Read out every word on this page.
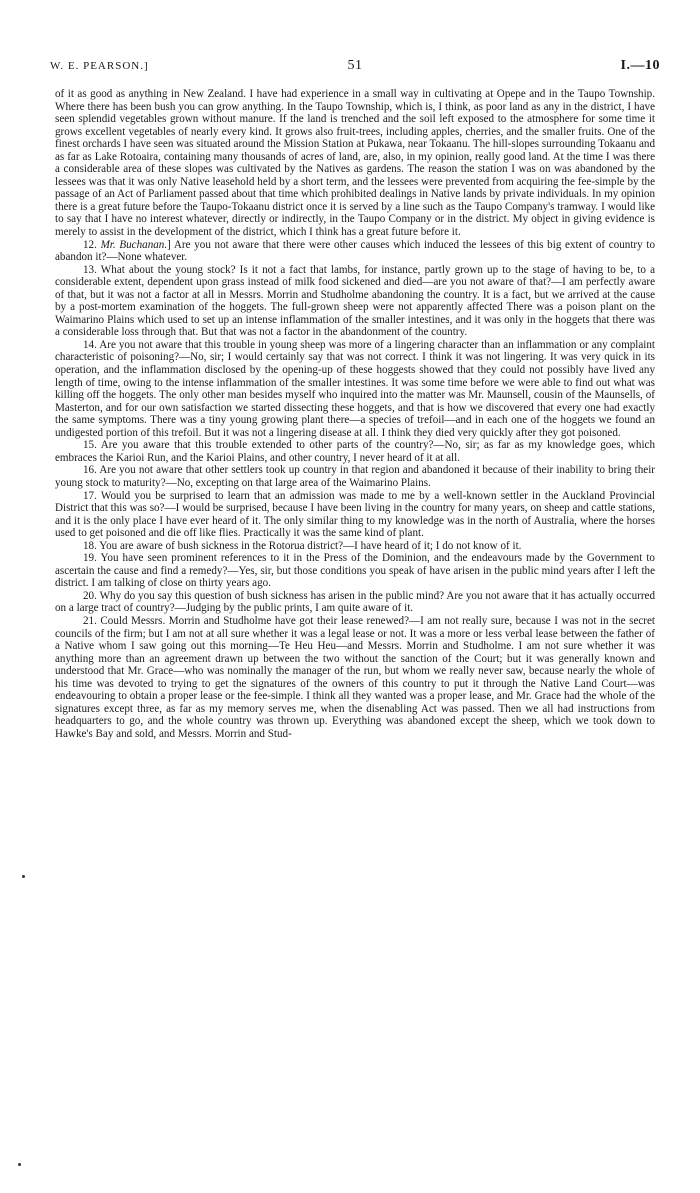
W. E. PEARSON.]	51	I.—10

of it as good as anything in New Zealand. I have had experience in a small way in cultivating at Opepe and in the Taupo Township. Where there has been bush you can grow anything. In the Taupo Township, which is, I think, as poor land as any in the district, I have seen splendid vegetables grown without manure. If the land is trenched and the soil left exposed to the atmosphere for some time it grows excellent vegetables of nearly every kind. It grows also fruit-trees, including apples, cherries, and the smaller fruits. One of the finest orchards I have seen was situated around the Mission Station at Pukawa, near Tokaanu. The hill-slopes surrounding Tokaanu and as far as Lake Rotoaira, containing many thousands of acres of land, are, also, in my opinion, really good land. At the time I was there a considerable area of these slopes was cultivated by the Natives as gardens. The reason the station I was on was abandoned by the lessees was that it was only Native leasehold held by a short term, and the lessees were prevented from acquiring the fee-simple by the passage of an Act of Parliament passed about that time which prohibited dealings in Native lands by private individuals. In my opinion there is a great future before the Taupo-Tokaanu district once it is served by a line such as the Taupo Company's tramway. I would like to say that I have no interest whatever, directly or indirectly, in the Taupo Company or in the district. My object in giving evidence is merely to assist in the development of the district, which I think has a great future before it.

12. Mr. Buchanan.] Are you not aware that there were other causes which induced the lessees of this big extent of country to abandon it?—None whatever.

13. What about the young stock? Is it not a fact that lambs, for instance, partly grown up to the stage of having to be, to a considerable extent, dependent upon grass instead of milk food sickened and died—are you not aware of that?—I am perfectly aware of that, but it was not a factor at all in Messrs. Morrin and Studholme abandoning the country. It is a fact, but we arrived at the cause by a post-mortem examination of the hoggets. The full-grown sheep were not apparently affected There was a poison plant on the Waimarino Plains which used to set up an intense inflammation of the smaller intestines, and it was only in the hoggets that there was a considerable loss through that. But that was not a factor in the abandonment of the country.

14. Are you not aware that this trouble in young sheep was more of a lingering character than an inflammation or any complaint characteristic of poisoning?—No, sir; I would certainly say that was not correct. I think it was not lingering. It was very quick in its operation, and the inflammation disclosed by the opening-up of these hoggests showed that they could not possibly have lived any length of time, owing to the intense inflammation of the smaller intestines. It was some time before we were able to find out what was killing off the hoggets. The only other man besides myself who inquired into the matter was Mr. Maunsell, cousin of the Maunsells, of Masterton, and for our own satisfaction we started dissecting these hoggets, and that is how we discovered that every one had exactly the same symptoms. There was a tiny young growing plant there—a species of trefoil—and in each one of the hoggets we found an undigested portion of this trefoil. But it was not a lingering disease at all. I think they died very quickly after they got poisoned.

15. Are you aware that this trouble extended to other parts of the country?—No, sir; as far as my knowledge goes, which embraces the Karioi Run, and the Karioi Plains, and other country, I never heard of it at all.

16. Are you not aware that other settlers took up country in that region and abandoned it because of their inability to bring their young stock to maturity?—No, excepting on that large area of the Waimarino Plains.

17. Would you be surprised to learn that an admission was made to me by a well-known settler in the Auckland Provincial District that this was so?—I would be surprised, because I have been living in the country for many years, on sheep and cattle stations, and it is the only place I have ever heard of it. The only similar thing to my knowledge was in the north of Australia, where the horses used to get poisoned and die off like flies. Practically it was the same kind of plant.

18. You are aware of bush sickness in the Rotorua district?—I have heard of it; I do not know of it.

19. You have seen prominent references to it in the Press of the Dominion, and the endeavours made by the Government to ascertain the cause and find a remedy?—Yes, sir, but those conditions you speak of have arisen in the public mind years after I left the district. I am talking of close on thirty years ago.

20. Why do you say this question of bush sickness has arisen in the public mind? Are you not aware that it has actually occurred on a large tract of country?—Judging by the public prints, I am quite aware of it.

21. Could Messrs. Morrin and Studholme have got their lease renewed?—I am not really sure, because I was not in the secret councils of the firm; but I am not at all sure whether it was a legal lease or not. It was a more or less verbal lease between the father of a Native whom I saw going out this morning—Te Heu Heu—and Messrs. Morrin and Studholme. I am not sure whether it was anything more than an agreement drawn up between the two without the sanction of the Court; but it was generally known and understood that Mr. Grace—who was nominally the manager of the run, but whom we really never saw, because nearly the whole of his time was devoted to trying to get the signatures of the owners of this country to put it through the Native Land Court—was endeavouring to obtain a proper lease or the fee-simple. I think all they wanted was a proper lease, and Mr. Grace had the whole of the signatures except three, as far as my memory serves me, when the disenabling Act was passed. Then we all had instructions from headquarters to go, and the whole country was thrown up. Everything was abandoned except the sheep, which we took down to Hawke's Bay and sold, and Messrs. Morrin and Stud-
